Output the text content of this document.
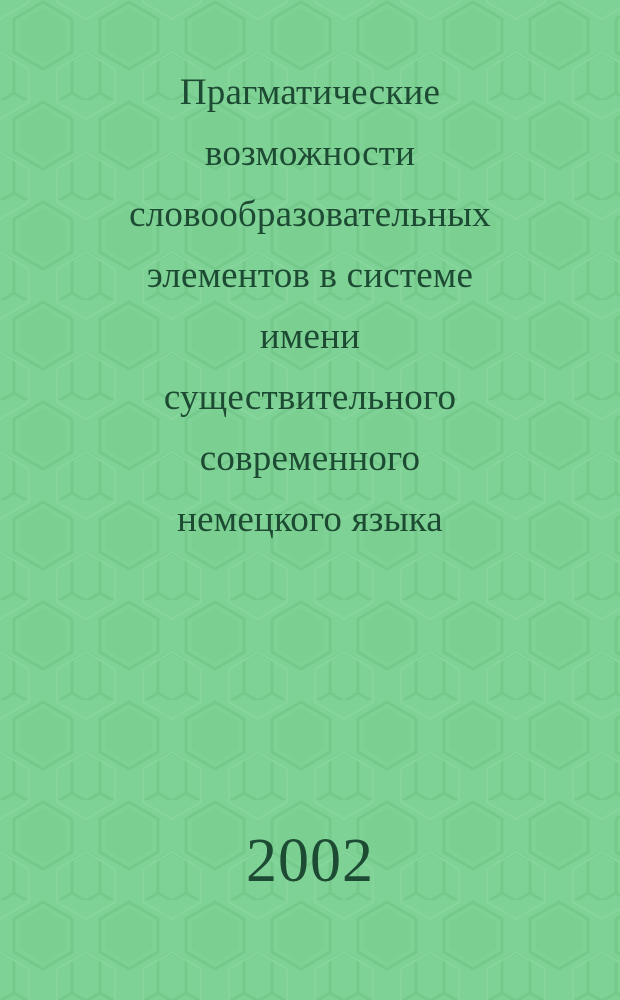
Прагматические
возможности
словообразовательных
элементов в системе
имени
существительного
современного
немецкого языка
2002
